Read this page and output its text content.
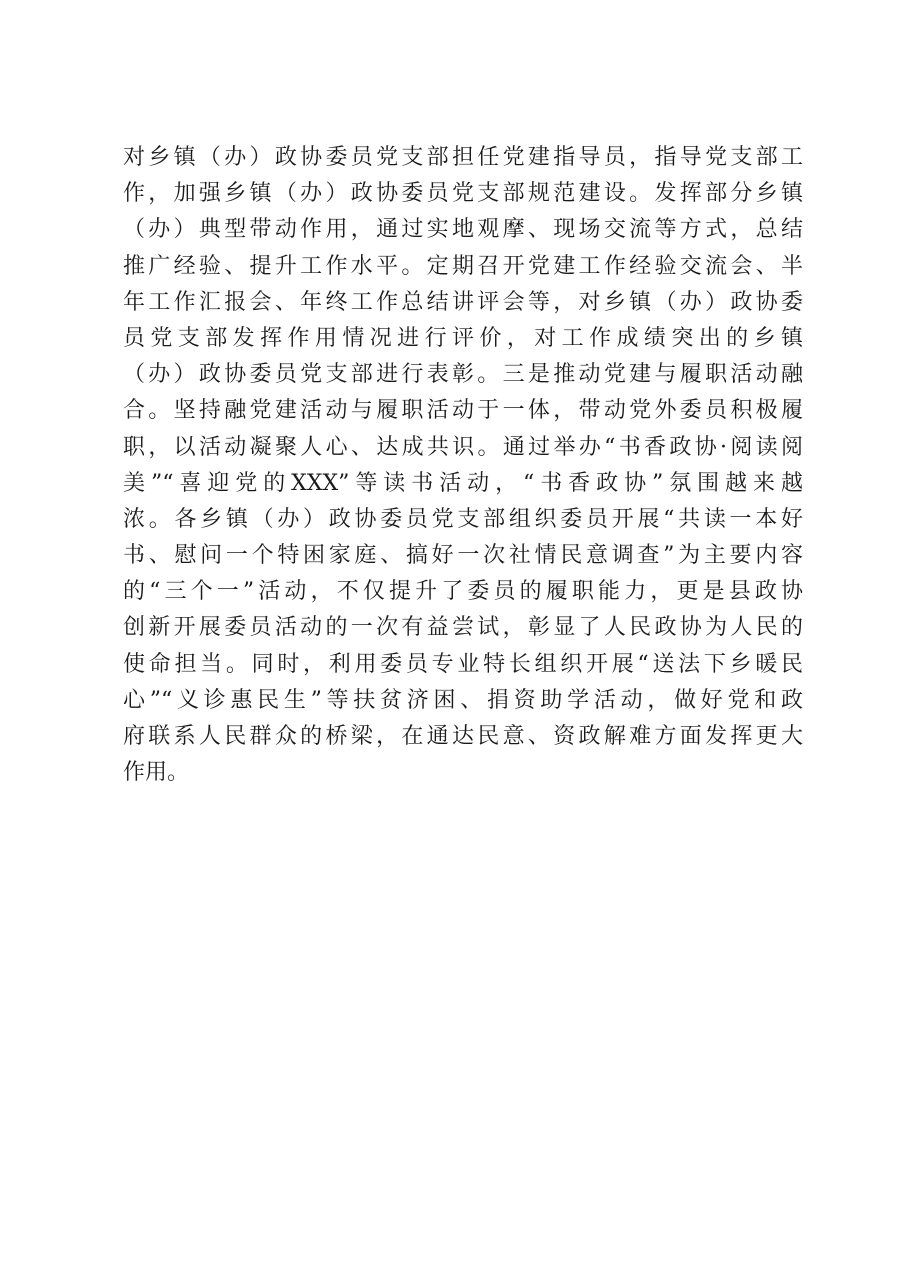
对乡镇（办）政协委员党支部担任党建指导员，指导党支部工
作，加强乡镇（办）政协委员党支部规范建设。发挥部分乡镇
（办）典型带动作用，通过实地观摩、现场交流等方式，总结
推广经验、提升工作水平。定期召开党建工作经验交流会、半
年工作汇报会、年终工作总结讲评会等，对乡镇（办）政协委
员党支部发挥作用情况进行评价，对工作成绩突出的乡镇
（办）政协委员党支部进行表彰。三是推动党建与履职活动融
合。坚持融党建活动与履职活动于一体，带动党外委员积极履
职，以活动凝聚人心、达成共识。通过举办“书香政协·阅读阅
美”“喜迎党的XXX”等读书活动，“书香政协”氛围越来越
浓。各乡镇（办）政协委员党支部组织委员开展“共读一本好
书、慰问一个特困家庭、搞好一次社情民意调查”为主要内容
的“三个一”活动，不仅提升了委员的履职能力，更是县政协
创新开展委员活动的一次有益尝试，彰显了人民政协为人民的
使命担当。同时，利用委员专业特长组织开展“送法下乡暖民
心”“义诊惠民生”等扶贫济困、捐资助学活动，做好党和政
府联系人民群众的桥梁，在通达民意、资政解难方面发挥更大
作用。
